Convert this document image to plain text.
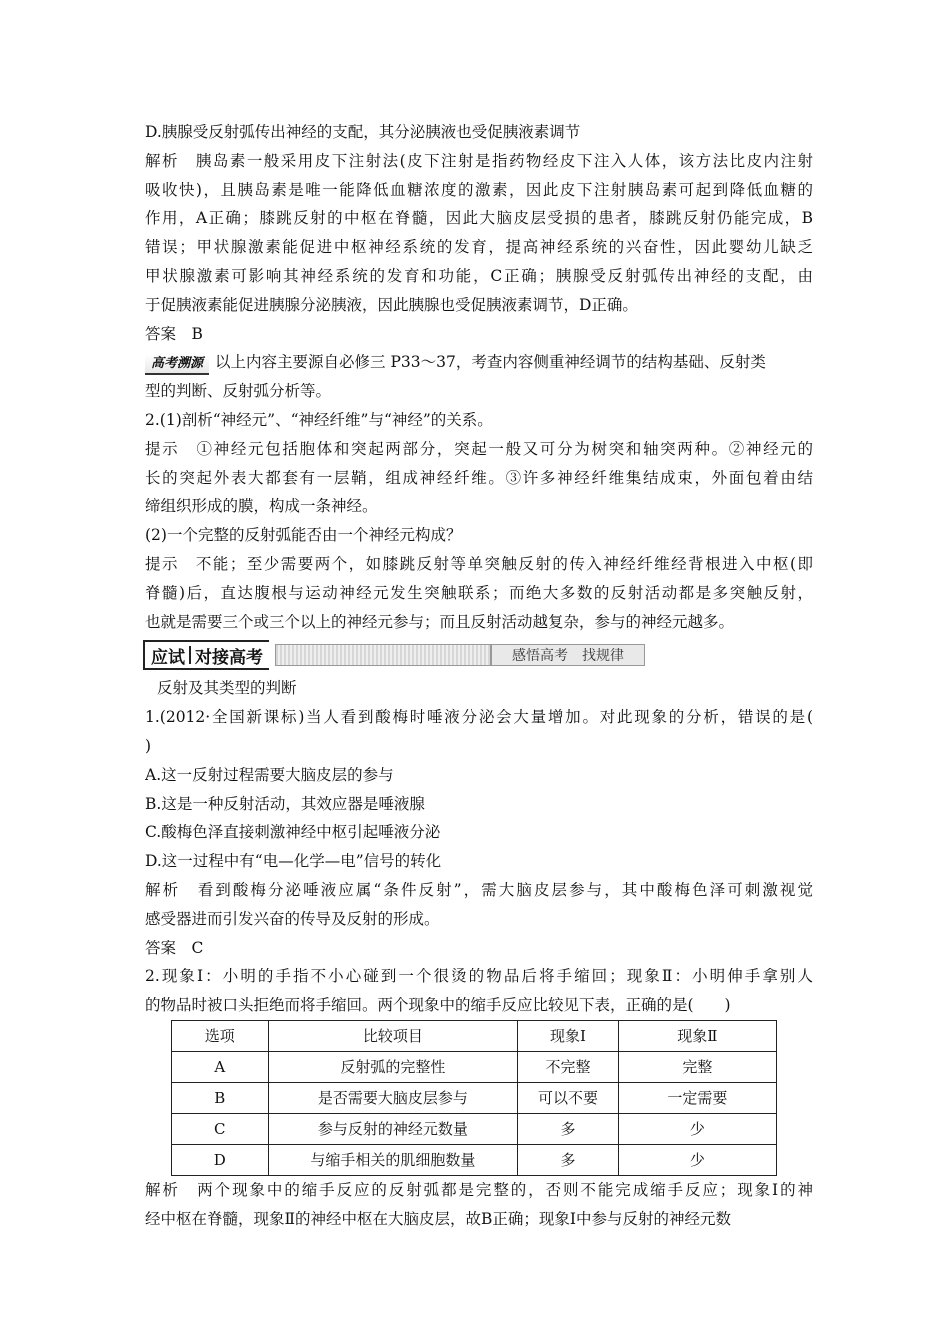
D.胰腺受反射弧传出神经的支配，其分泌胰液也受促胰液素调节
解析　胰岛素一般采用皮下注射法(皮下注射是指药物经皮下注入人体，该方法比皮内注射
吸收快)，且胰岛素是唯一能降低血糖浓度的激素，因此皮下注射胰岛素可起到降低血糖的
作用，A正确；膝跳反射的中枢在脊髓，因此大脑皮层受损的患者，膝跳反射仍能完成，B
错误；甲状腺激素能促进中枢神经系统的发育，提高神经系统的兴奋性，因此婴幼儿缺乏
甲状腺激素可影响其神经系统的发育和功能，C正确；胰腺受反射弧传出神经的支配，由
于促胰液素能促进胰腺分泌胰液，因此胰腺也受促胰液素调节，D正确。
答案　B
高考溯源 以上内容主要源自必修三 P33～37，考查内容侧重神经调节的结构基础、反射类
型的判断、反射弧分析等。
2.(1)剖析“神经元”、“神经纤维”与“神经”的关系。
提示　①神经元包括胞体和突起两部分，突起一般又可分为树突和轴突两种。②神经元的
长的突起外表大都套有一层鞘，组成神经纤维。③许多神经纤维集结成束，外面包着由结
缔组织形成的膜，构成一条神经。
(2)一个完整的反射弧能否由一个神经元构成？
提示　不能；至少需要两个，如膝跳反射等单突触反射的传入神经纤维经背根进入中枢(即
脊髓)后，直达腹根与运动神经元发生突触联系；而绝大多数的反射活动都是多突触反射，
也就是需要三个或三个以上的神经元参与；而且反射活动越复杂，参与的神经元越多。
应试 对接高考	感悟高考　找规律
反射及其类型的判断
1.(2012·全国新课标)当人看到酸梅时唾液分泌会大量增加。对此现象的分析，错误的是(
)
A.这一反射过程需要大脑皮层的参与
B.这是一种反射活动，其效应器是唾液腺
C.酸梅色泽直接刺激神经中枢引起唾液分泌
D.这一过程中有“电—化学—电”信号的转化
解析　看到酸梅分泌唾液应属“条件反射”，需大脑皮层参与，其中酸梅色泽可刺激视觉
感受器进而引发兴奋的传导及反射的形成。
答案　C
2.现象Ⅰ：小明的手指不小心碰到一个很烫的物品后将手缩回；现象Ⅱ：小明伸手拿别人
的物品时被口头拒绝而将手缩回。两个现象中的缩手反应比较见下表，正确的是(　　)
选项	比较项目	现象Ⅰ	现象Ⅱ
A	反射弧的完整性	不完整	完整
B	是否需要大脑皮层参与	可以不要	一定需要
C	参与反射的神经元数量	多	少
D	与缩手相关的肌细胞数量	多	少
解析　两个现象中的缩手反应的反射弧都是完整的，否则不能完成缩手反应；现象Ⅰ的神
经中枢在脊髓，现象Ⅱ的神经中枢在大脑皮层，故B正确；现象Ⅰ中参与反射的神经元数
